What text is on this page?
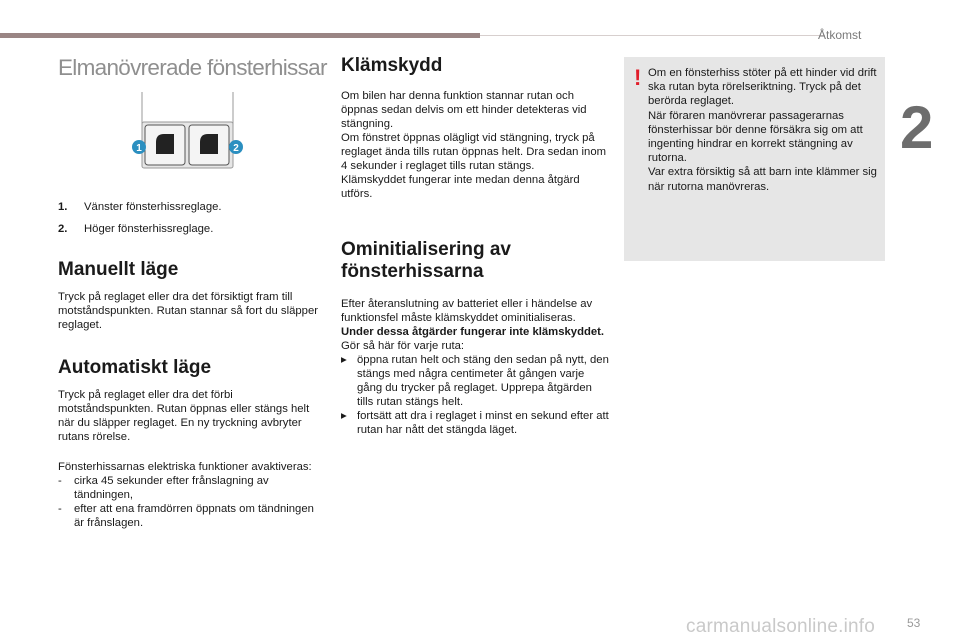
Åtkomst
2
Elmanövrerade fönsterhissar
1.	Vänster fönsterhissreglage.
2.	Höger fönsterhissreglage.
Manuellt läge

Tryck på reglaget eller dra det försiktigt fram till motståndspunkten. Rutan stannar så fort du släpper reglaget.

Automatiskt läge

Tryck på reglaget eller dra det förbi motståndspunkten. Rutan öppnas eller stängs helt när du släpper reglaget. En ny tryckning avbryter rutans rörelse.

Fönsterhissarnas elektriska funktioner avaktiveras:

-	cirka 45 sekunder efter frånslagning av tändningen,
-	efter att ena framdörren öppnats om tändningen är frånslagen.
1	2
Klämskydd

Om bilen har denna funktion stannar rutan och öppnas sedan delvis om ett hinder detekteras vid stängning.
Om fönstret öppnas olägligt vid stängning, tryck på reglaget ända tills rutan öppnas helt. Dra sedan inom 4 sekunder i reglaget tills rutan stängs.
Klämskyddet fungerar inte medan denna åtgärd utförs.

Ominitialisering av fönsterhissarna

Efter återanslutning av batteriet eller i händelse av funktionsfel måste klämskyddet ominitialiseras.

Under dessa åtgärder fungerar inte klämskyddet.

Gör så här för varje ruta:

▸ öppna rutan helt och stäng den sedan på nytt, den stängs med några centimeter åt gången varje gång du trycker på reglaget. Upprepa åtgärden tills rutan stängs helt.
▸ fortsätt att dra i reglaget i minst en sekund efter att rutan har nått det stängda läget.
! Om en fönsterhiss stöter på ett hinder vid drift ska rutan byta rörelseriktning. Tryck på det berörda reglaget.
När föraren manövrerar passagerarnas fönsterhissar bör denne försäkra sig om att ingenting hindrar en korrekt stängning av rutorna.
Var extra försiktig så att barn inte klämmer sig när rutorna manövreras.
carmanualsonline.info	53
